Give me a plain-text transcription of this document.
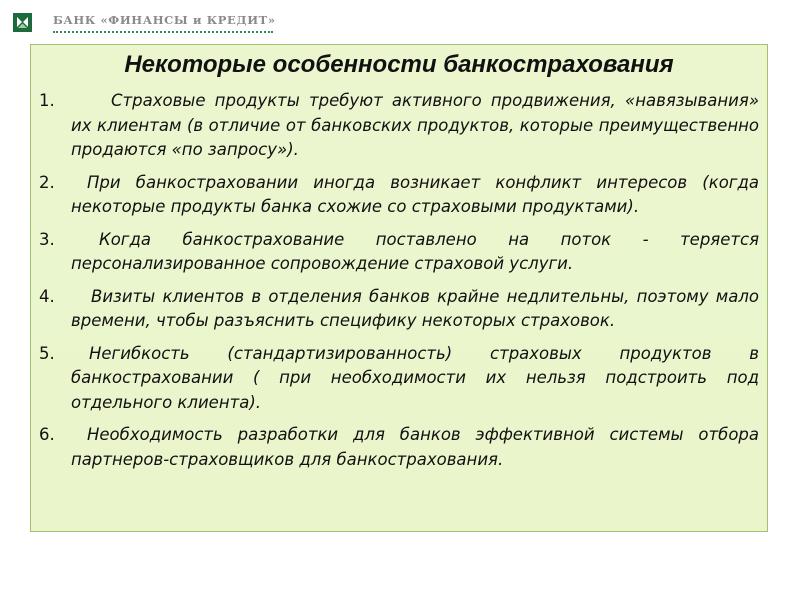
БАНК «ФИНАНСЫ и КРЕДИТ»
Некоторые особенности банкострахования
1.	Страховые продукты требуют активного продвижения, «навязывания» их клиентам (в отличие от банковских продуктов, которые преимущественно продаются «по запросу»).
2.	При банкостраховании иногда возникает конфликт интересов (когда некоторые продукты банка схожие со страховыми продуктами).
3.	Когда банкострахование поставлено на поток - теряется персонализированное сопровождение страховой услуги.
4.	Визиты клиентов в отделения банков крайне недлительны, поэтому мало времени, чтобы разъяснить специфику некоторых страховок.
5.	Негибкость (стандартизированность) страховых продуктов в банкостраховании ( при необходимости их нельзя подстроить под отдельного клиента).
6.	Необходимость разработки для банков эффективной системы отбора партнеров-страховщиков для банкострахования.
